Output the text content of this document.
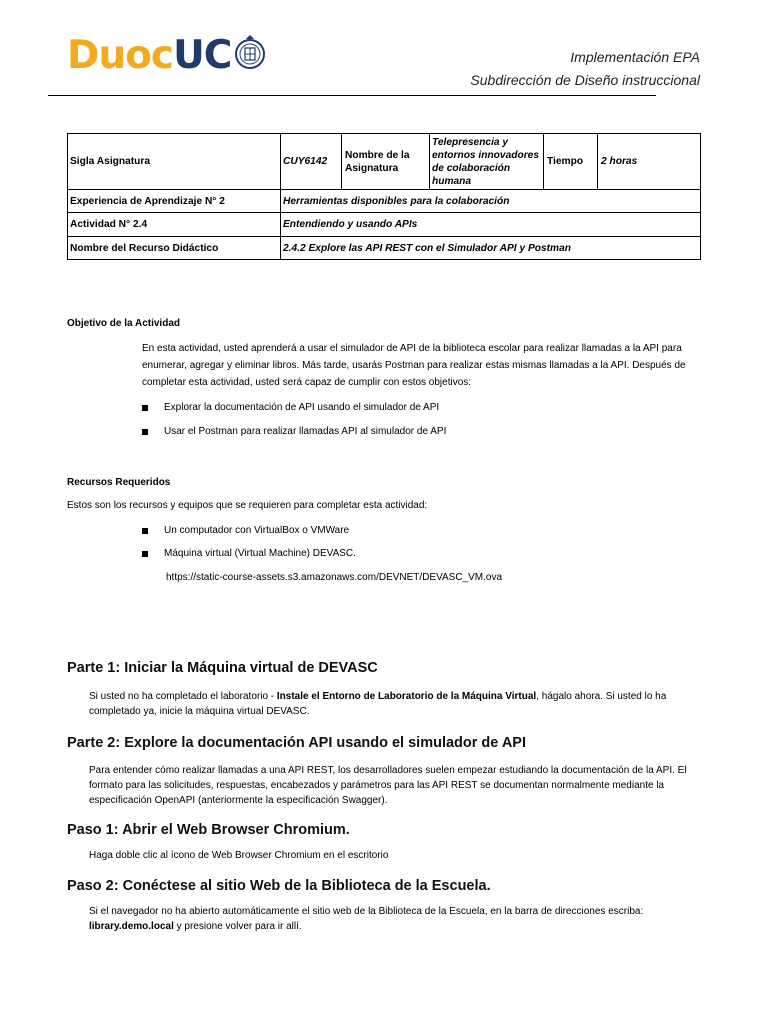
Duoc UC	Implementación EPA
Subdirección de Diseño instruccional
Sigla Asignatura	CUY6142	Nombre de la Asignatura	Telepresencia y entornos innovadores de colaboración humana	Tiempo	2 horas
Experiencia de Aprendizaje N° 2	Herramientas disponibles para la colaboración				
Actividad N° 2.4	Entendiendo y usando APIs				
Nombre del Recurso Didáctico	2.4.2 Explore las API REST con el Simulador API y Postman				
Objetivo de la Actividad
En esta actividad, usted aprenderá a usar el simulador de API de la biblioteca escolar para realizar llamadas a la API para enumerar, agregar y eliminar libros. Más tarde, usarás Postman para realizar estas mismas llamadas a la API. Después de completar esta actividad, usted será capaz de cumplir con estos objetivos:
Explorar la documentación de API usando el simulador de API
Usar el Postman para realizar llamadas API al simulador de API
Recursos Requeridos
Estos son los recursos y equipos que se requieren para completar esta actividad:
Un computador con VirtualBox o VMWare
Máquina virtual (Virtual Machine) DEVASC.
https://static-course-assets.s3.amazonaws.com/DEVNET/DEVASC_VM.ova
Parte 1: Iniciar la Máquina virtual de DEVASC
Si usted no ha completado el laboratorio - Instale el Entorno de Laboratorio de la Máquina Virtual, hágalo ahora. Si usted lo ha completado ya, inicie la máquina virtual DEVASC.
Parte 2: Explore la documentación API usando el simulador de API
Para entender cómo realizar llamadas a una API REST, los desarrolladores suelen empezar estudiando la documentación de la API. El formato para las solicitudes, respuestas, encabezados y parámetros para las API REST se documentan normalmente mediante la especificación OpenAPI (anteriormente la especificación Swagger).
Paso 1: Abrir el Web Browser Chromium.
Haga doble clic al ícono de Web Browser Chromium en el escritorio
Paso 2: Conéctese al sitio Web de la Biblioteca de la Escuela.
Si el navegador no ha abierto automáticamente el sitio web de la Biblioteca de la Escuela, en la barra de direcciones escriba: library.demo.local y presione volver para ir allí.
